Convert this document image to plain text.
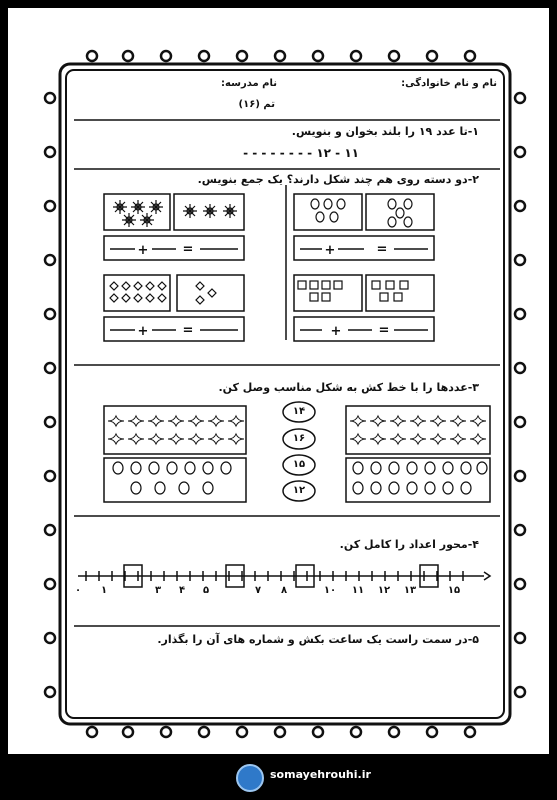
+	=
+	=
+	=
+	=
نام و نام خانوادگی:
نام مدرسه:
تم (۱۶)
۱-تا عدد ۱۹ را بلند بخوان و بنویس.
۱۱ - ۱۲ - - - - - - - -
۲-دو دسته روی هم چند شکل دارند؟ یک جمع بنویس.
۳-عددها را با خط کش به شکل مناسب وصل کن.
۱۴
۱۶
۱۵
۱۲
۴-محور اعداد را کامل کن.
۰	۱	۳	۴	۵	۷	۸	۱۰ ۱۱ ۱۲ ۱۳	۱۵
۵-در سمت راست یک ساعت بکش و شماره های آن را بگذار.
somayehrouhi.ir
